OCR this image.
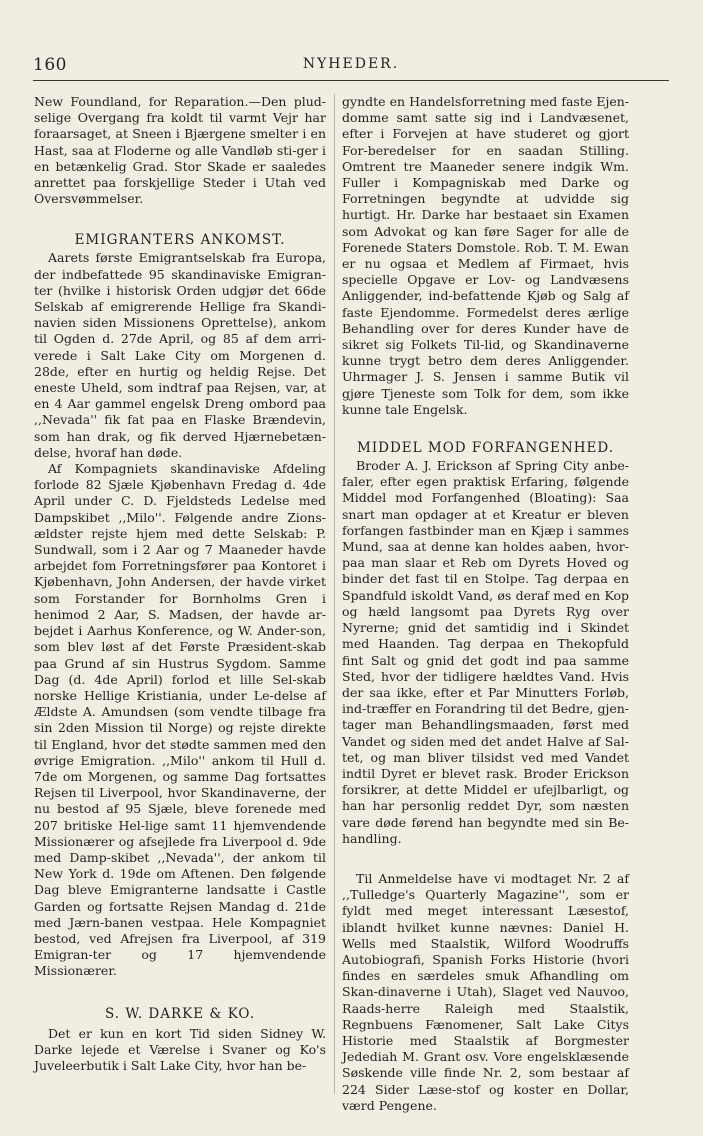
160	NYHEDER.

New Foundland, for Reparation.—Den plud-selige Overgang fra koldt til varmt Vejr har foraarsaget, at Sneen i Bjærgene smelter i en Hast, saa at Floderne og alle Vandløb sti-ger i en betænkelig Grad. Stor Skade er saaledes anrettet paa forskjellige Steder i Utah ved Oversvømmelser.

EMIGRANTERS ANKOMST.

Aarets første Emigrantselskab fra Europa, der indbefattede 95 skandinaviske Emigran-ter (hvilke i historisk Orden udgjør det 66de Selskab af emigrerende Hellige fra Skandi-navien siden Missionens Oprettelse), ankom til Ogden d. 27de April, og 85 af dem arri-verede i Salt Lake City om Morgenen d. 28de, efter en hurtig og heldig Rejse. Det eneste Uheld, som indtraf paa Rejsen, var, at en 4 Aar gammel engelsk Dreng ombord paa ,,Nevada'' fik fat paa en Flaske Brændevin, som han drak, og fik derved Hjærnebetæn-delse, hvoraf han døde.

Af Kompagniets skandinaviske Afdeling forlode 82 Sjæle Kjøbenhavn Fredag d. 4de April under C. D. Fjeldsteds Ledelse med Dampskibet ,,Milo''. Følgende andre Zions-ældster rejste hjem med dette Selskab: P. Sundwall, som i 2 Aar og 7 Maaneder havde arbejdet fom Forretningsfører paa Kontoret i Kjøbenhavn, John Andersen, der havde virket som Forstander for Bornholms Gren i henimod 2 Aar, S. Madsen, der havde ar-bejdet i Aarhus Konference, og W. Ander-son, som blev løst af det Første Præsident-skab paa Grund af sin Hustrus Sygdom. Samme Dag (d. 4de April) forlod et lille Sel-skab norske Hellige Kristiania, under Le-delse af Ældste A. Amundsen (som vendte tilbage fra sin 2den Mission til Norge) og rejste direkte til England, hvor det stødte sammen med den øvrige Emigration. ,,Milo'' ankom til Hull d. 7de om Morgenen, og samme Dag fortsattes Rejsen til Liverpool, hvor Skandinaverne, der nu bestod af 95 Sjæle, bleve forenede med 207 britiske Hel-lige samt 11 hjemvendende Missionærer og afsejlede fra Liverpool d. 9de med Damp-skibet ,,Nevada'', der ankom til New York d. 19de om Aftenen. Den følgende Dag bleve Emigranterne landsatte i Castle Garden og fortsatte Rejsen Mandag d. 21de med Jærn-banen vestpaa. Hele Kompagniet bestod, ved Afrejsen fra Liverpool, af 319 Emigran-ter og 17 hjemvendende Missionærer.

S. W. DARKE & KO.

Det er kun en kort Tid siden Sidney W. Darke lejede et Værelse i Svaner og Ko's Juveleerbutik i Salt Lake City, hvor han be-

gyndte en Handelsforretning med faste Ejen-domme samt satte sig ind i Landvæsenet, efter i Forvejen at have studeret og gjort For-beredelser for en saadan Stilling. Omtrent tre Maaneder senere indgik Wm. Fuller i Kompagniskab med Darke og Forretningen begyndte at udvidde sig hurtigt. Hr. Darke har bestaaet sin Examen som Advokat og kan føre Sager for alle de Forenede Staters Domstole. Rob. T. M. Ewan er nu ogsaa et Medlem af Firmaet, hvis specielle Opgave er Lov- og Landvæsens Anliggender, ind-befattende Kjøb og Salg af faste Ejendomme. Formedelst deres ærlige Behandling over for deres Kunder have de sikret sig Folkets Til-lid, og Skandinaverne kunne trygt betro dem deres Anliggender. Uhrmager J. S. Jensen i samme Butik vil gjøre Tjeneste som Tolk for dem, som ikke kunne tale Engelsk.

MIDDEL MOD FORFANGENHED.

Broder A. J. Erickson af Spring City anbe-faler, efter egen praktisk Erfaring, følgende Middel mod Forfangenhed (Bloating): Saa snart man opdager at et Kreatur er bleven forfangen fastbinder man en Kjæp i sammes Mund, saa at denne kan holdes aaben, hvor-paa man slaar et Reb om Dyrets Hoved og binder det fast til en Stolpe. Tag derpaa en Spandfuld iskoldt Vand, øs deraf med en Kop og hæld langsomt paa Dyrets Ryg over Nyrerne; gnid det samtidig ind i Skindet med Haanden. Tag derpaa en Thekopfuld fint Salt og gnid det godt ind paa samme Sted, hvor der tidligere hældtes Vand. Hvis der saa ikke, efter et Par Minutters Forløb, ind-træffer en Forandring til det Bedre, gjen-tager man Behandlingsmaaden, først med Vandet og siden med det andet Halve af Sal-tet, og man bliver tilsidst ved med Vandet indtil Dyret er blevet rask. Broder Erickson forsikrer, at dette Middel er ufejlbarligt, og han har personlig reddet Dyr, som næsten vare døde førend han begyndte med sin Be-handling.

Til Anmeldelse have vi modtaget Nr. 2 af ,,Tulledge's Quarterly Magazine'', som er fyldt med meget interessant Læsestof, iblandt hvilket kunne nævnes: Daniel H. Wells med Staalstik, Wilford Woodruffs Autobiografi, Spanish Forks Historie (hvori findes en særdeles smuk Afhandling om Skan-dinaverne i Utah), Slaget ved Nauvoo, Raads-herre Raleigh med Staalstik, Regnbuens Fænomener, Salt Lake Citys Historie med Staalstik af Borgmester Jedediah M. Grant osv. Vore engelsklæsende Søskende ville finde Nr. 2, som bestaar af 224 Sider Læse-stof og koster en Dollar, værd Pengene.
